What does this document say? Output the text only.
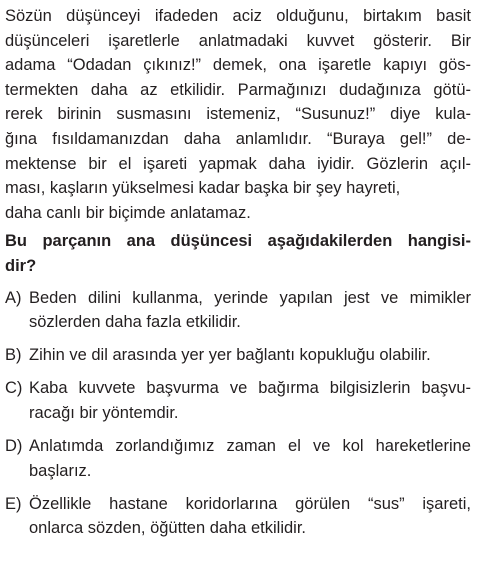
Sözün düşünceyi ifadeden aciz olduğunu, birtakım basit
düşünceleri işaretlerle anlatmadaki kuvvet gösterir. Bir
adama “Odadan çıkınız!” demek, ona işaretle kapıyı gös-
termekten daha az etkilidir. Parmağınızı dudağınıza götü-
rerek birinin susmasını istemeniz, “Susunuz!” diye kula-
ğına fısıldamanızdan daha anlamlıdır. “Buraya gel!” de-
mektense bir el işareti yapmak daha iyidir. Gözlerin açıl-
ması, kaşların yükselmesi kadar başka bir şey hayreti,
daha canlı bir biçimde anlatamaz.
Bu parçanın ana düşüncesi aşağıdakilerden hangisi-
dir?
A) Beden dilini kullanma, yerinde yapılan jest ve mimikler
sözlerden daha fazla etkilidir.
B) Zihin ve dil arasında yer yer bağlantı kopukluğu olabilir.
C) Kaba kuvvete başvurma ve bağırma bilgisizlerin başvu-
racağı bir yöntemdir.
D) Anlatımda zorlandığımız zaman el ve kol hareketlerine
başlarız.
E) Özellikle hastane koridorlarına görülen “sus” işareti,
onlarca sözden, öğütten daha etkilidir.
